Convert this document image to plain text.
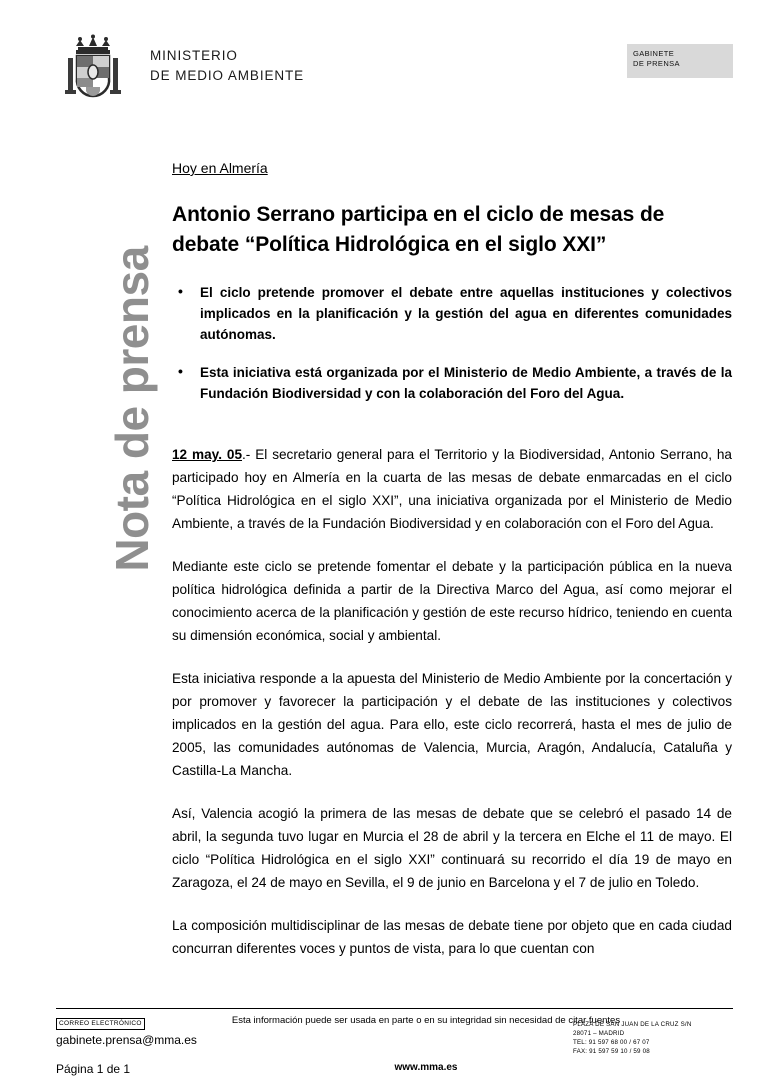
MINISTERIO
DE MEDIO AMBIENTE
GABINETE
DE PRENSA
Nota de prensa
Hoy en Almería
Antonio Serrano participa en el ciclo de mesas de debate “Política Hidrológica en el siglo XXI”
• El ciclo pretende promover el debate entre aquellas instituciones y colectivos implicados en la planificación y la gestión del agua en diferentes comunidades autónomas.
• Esta iniciativa está organizada por el Ministerio de Medio Ambiente, a través de la Fundación Biodiversidad y con la colaboración del Foro del Agua.

12 may. 05.- El secretario general para el Territorio y la Biodiversidad, Antonio Serrano, ha participado hoy en Almería en la cuarta de las mesas de debate enmarcadas en el ciclo “Política Hidrológica en el siglo XXI”, una iniciativa organizada por el Ministerio de Medio Ambiente, a través de la Fundación Biodiversidad y en colaboración con el Foro del Agua.

Mediante este ciclo se pretende fomentar el debate y la participación pública en la nueva política hidrológica definida a partir de la Directiva Marco del Agua, así como mejorar el conocimiento acerca de la planificación y gestión de este recurso hídrico, teniendo en cuenta su dimensión económica, social y ambiental.

Esta iniciativa responde a la apuesta del Ministerio de Medio Ambiente por la concertación y por promover y favorecer la participación y el debate de las instituciones y colectivos implicados en la gestión del agua. Para ello, este ciclo recorrerá, hasta el mes de julio de 2005, las comunidades autónomas de Valencia, Murcia, Aragón, Andalucía, Cataluña y Castilla-La Mancha.

Así, Valencia acogió la primera de las mesas de debate que se celebró el pasado 14 de abril, la segunda tuvo lugar en Murcia el 28 de abril y la tercera en Elche el 11 de mayo. El ciclo “Política Hidrológica en el siglo XXI” continuará su recorrido el día 19 de mayo en Zaragoza, el 24 de mayo en Sevilla, el 9 de junio en Barcelona y el 7 de julio en Toledo.

La composición multidisciplinar de las mesas de debate tiene por objeto que en cada ciudad concurran diferentes voces y puntos de vista, para lo que cuentan con

CORREO ELECTRÓNICO
gabinete.prensa@mma.es
Esta información puede ser usada en parte o en su integridad sin necesidad de citar fuentes
www.mma.es
PLAZA DE SAN JUAN DE LA CRUZ S/N
28071 – MADRID
TEL: 91 597 68 00 / 67 07
FAX: 91 597 59 10 / 59 08
Página 1 de 1
